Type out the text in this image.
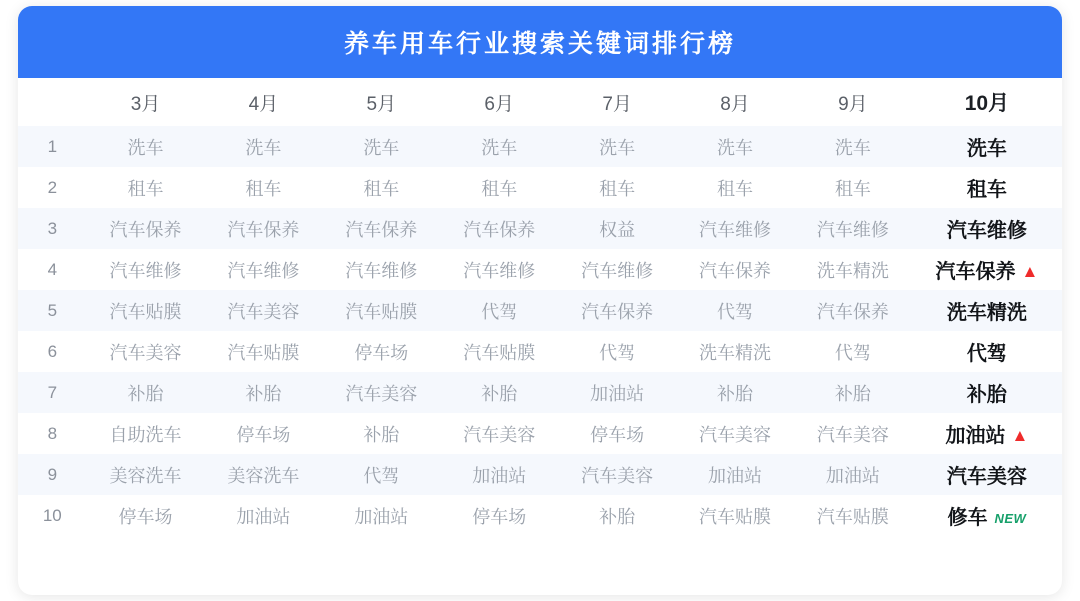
养车用车行业搜索关键词排行榜
	3月	4月	5月	6月	7月	8月	9月	10月
1	洗车	洗车	洗车	洗车	洗车	洗车	洗车	洗车
2	租车	租车	租车	租车	租车	租车	租车	租车
3	汽车保养	汽车保养	汽车保养	汽车保养	权益	汽车维修	汽车维修	汽车维修
4	汽车维修	汽车维修	汽车维修	汽车维修	汽车维修	汽车保养	洗车精洗	汽车保养 ▲
5	汽车贴膜	汽车美容	汽车贴膜	代驾	汽车保养	代驾	汽车保养	洗车精洗
6	汽车美容	汽车贴膜	停车场	汽车贴膜	代驾	洗车精洗	代驾	代驾
7	补胎	补胎	汽车美容	补胎	加油站	补胎	补胎	补胎
8	自助洗车	停车场	补胎	汽车美容	停车场	汽车美容	汽车美容	加油站 ▲
9	美容洗车	美容洗车	代驾	加油站	汽车美容	加油站	加油站	汽车美容
10	停车场	加油站	加油站	停车场	补胎	汽车贴膜	汽车贴膜	修车 NEW
